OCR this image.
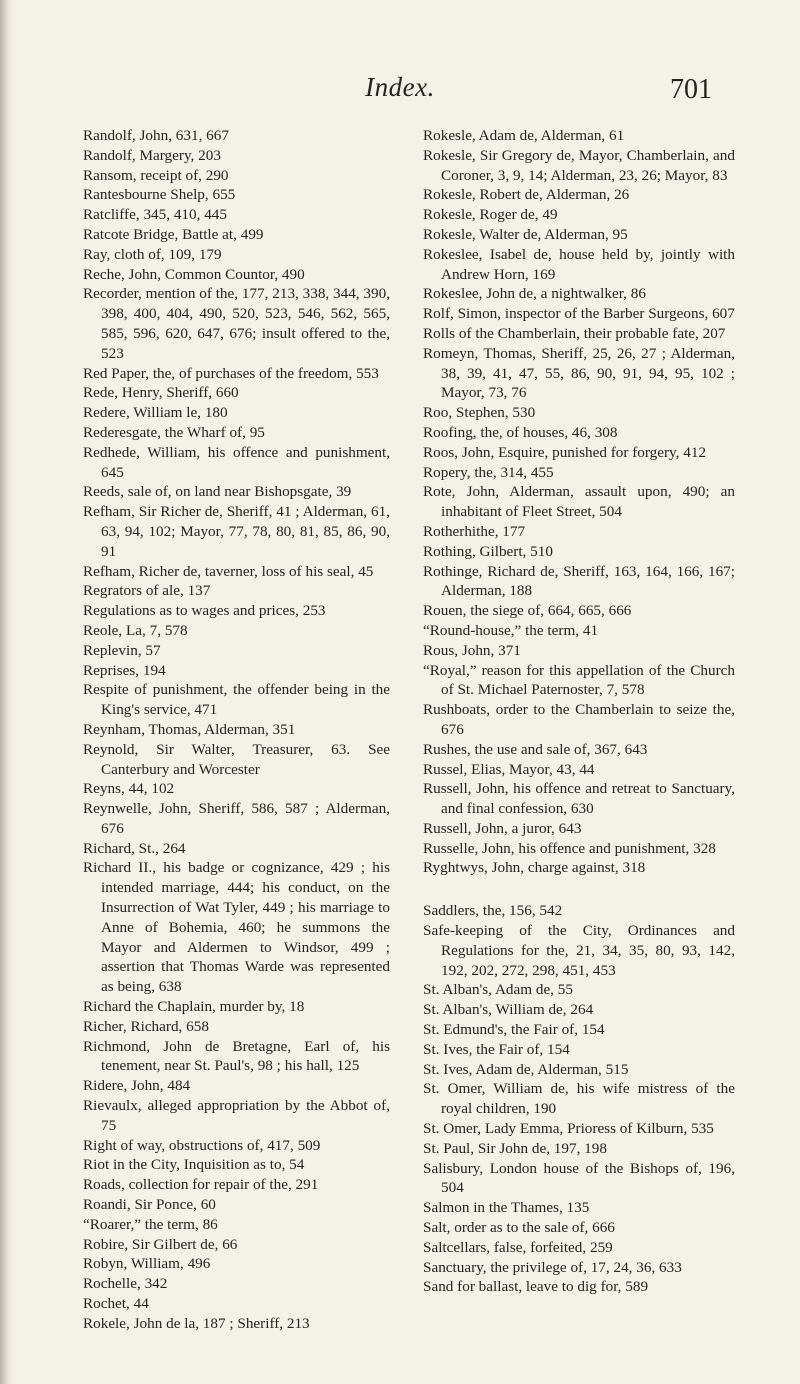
Index.	701
Randolf, John, 631, 667
Randolf, Margery, 203
Ransom, receipt of, 290
Rantesbourne Shelp, 655
Ratcliffe, 345, 410, 445
Ratcote Bridge, Battle at, 499
Ray, cloth of, 109, 179
Reche, John, Common Countor, 490
Recorder, mention of the, 177, 213, 338, 344, 390, 398, 400, 404, 490, 520, 523, 546, 562, 565, 585, 596, 620, 647, 676; insult offered to the, 523
Red Paper, the, of purchases of the freedom, 553
Rede, Henry, Sheriff, 660
Redere, William le, 180
Rederesgate, the Wharf of, 95
Redhede, William, his offence and punishment, 645
Reeds, sale of, on land near Bishopsgate, 39
Refham, Sir Richer de, Sheriff, 41 ; Alderman, 61, 63, 94, 102; Mayor, 77, 78, 80, 81, 85, 86, 90, 91
Refham, Richer de, taverner, loss of his seal, 45
Regrators of ale, 137
Regulations as to wages and prices, 253
Reole, La, 7, 578
Replevin, 57
Reprises, 194
Respite of punishment, the offender being in the King's service, 471
Reynham, Thomas, Alderman, 351
Reynold, Sir Walter, Treasurer, 63. See Canterbury and Worcester
Reyns, 44, 102
Reynwelle, John, Sheriff, 586, 587 ; Alderman, 676
Richard, St., 264
Richard II., his badge or cognizance, 429 ; his intended marriage, 444; his conduct, on the Insurrection of Wat Tyler, 449 ; his marriage to Anne of Bohemia, 460; he summons the Mayor and Aldermen to Windsor, 499 ; assertion that Thomas Warde was represented as being, 638
Richard the Chaplain, murder by, 18
Richer, Richard, 658
Richmond, John de Bretagne, Earl of, his tenement, near St. Paul's, 98 ; his hall, 125
Ridere, John, 484
Rievaulx, alleged appropriation by the Abbot of, 75
Right of way, obstructions of, 417, 509
Riot in the City, Inquisition as to, 54
Roads, collection for repair of the, 291
Roandi, Sir Ponce, 60
“Roarer,” the term, 86
Robire, Sir Gilbert de, 66
Robyn, William, 496
Rochelle, 342
Rochet, 44
Rokele, John de la, 187 ; Sheriff, 213
Rokesle, Adam de, Alderman, 61
Rokesle, Sir Gregory de, Mayor, Chamberlain, and Coroner, 3, 9, 14; Alderman, 23, 26; Mayor, 83
Rokesle, Robert de, Alderman, 26
Rokesle, Roger de, 49
Rokesle, Walter de, Alderman, 95
Rokeslee, Isabel de, house held by, jointly with Andrew Horn, 169
Rokeslee, John de, a nightwalker, 86
Rolf, Simon, inspector of the Barber Surgeons, 607
Rolls of the Chamberlain, their probable fate, 207
Romeyn, Thomas, Sheriff, 25, 26, 27 ; Alderman, 38, 39, 41, 47, 55, 86, 90, 91, 94, 95, 102 ; Mayor, 73, 76
Roo, Stephen, 530
Roofing, the, of houses, 46, 308
Roos, John, Esquire, punished for forgery, 412
Ropery, the, 314, 455
Rote, John, Alderman, assault upon, 490; an inhabitant of Fleet Street, 504
Rotherhithe, 177
Rothing, Gilbert, 510
Rothinge, Richard de, Sheriff, 163, 164, 166, 167; Alderman, 188
Rouen, the siege of, 664, 665, 666
“Round-house,” the term, 41
Rous, John, 371
“Royal,” reason for this appellation of the Church of St. Michael Paternoster, 7, 578
Rushboats, order to the Chamberlain to seize the, 676
Rushes, the use and sale of, 367, 643
Russel, Elias, Mayor, 43, 44
Russell, John, his offence and retreat to Sanctuary, and final confession, 630
Russell, John, a juror, 643
Russelle, John, his offence and punishment, 328
Ryghtwys, John, charge against, 318
Saddlers, the, 156, 542
Safe-keeping of the City, Ordinances and Regulations for the, 21, 34, 35, 80, 93, 142, 192, 202, 272, 298, 451, 453
St. Alban's, Adam de, 55
St. Alban's, William de, 264
St. Edmund's, the Fair of, 154
St. Ives, the Fair of, 154
St. Ives, Adam de, Alderman, 515
St. Omer, William de, his wife mistress of the royal children, 190
St. Omer, Lady Emma, Prioress of Kilburn, 535
St. Paul, Sir John de, 197, 198
Salisbury, London house of the Bishops of, 196, 504
Salmon in the Thames, 135
Salt, order as to the sale of, 666
Saltcellars, false, forfeited, 259
Sanctuary, the privilege of, 17, 24, 36, 633
Sand for ballast, leave to dig for, 589
